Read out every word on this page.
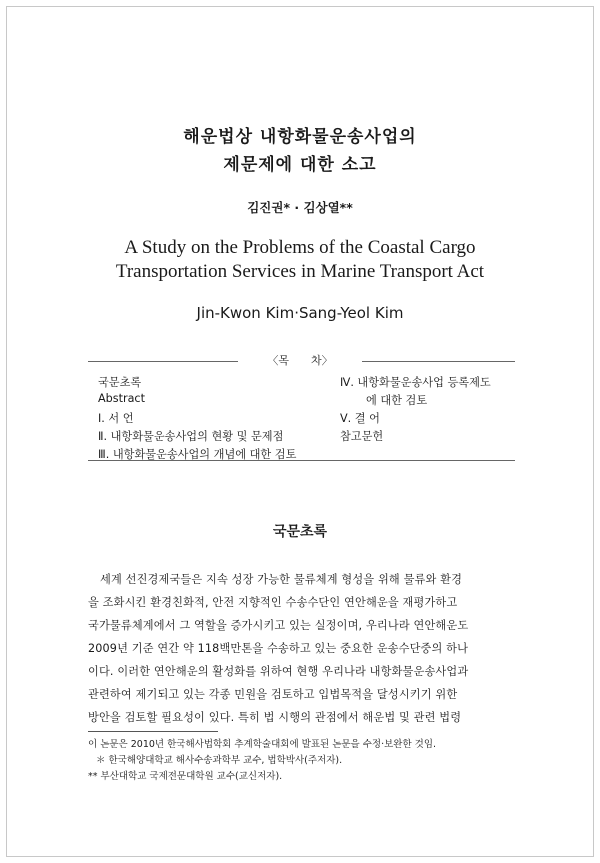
해운법상 내항화물운송사업의
제문제에 대한 소고
김진권* · 김상열**
A Study on the Problems of the Coastal Cargo
Transportation Services in Marine Transport Act
Jin-Kwon Kim·Sang-Yeol Kim
〈목　　차〉
국문초록
Abstract
Ⅰ. 서 언
Ⅱ. 내항화물운송사업의 현황 및 문제점
Ⅲ. 내항화물운송사업의 개념에 대한 검토
Ⅳ. 내항화물운송사업 등록제도
에 대한 검토
Ⅴ. 결 어
참고문헌
국문초록
세계 선진경제국들은 지속 성장 가능한 물류체계 형성을 위해 물류와 환경
을 조화시킨 환경친화적, 안전 지향적인 수송수단인 연안해운을 재평가하고
국가물류체계에서 그 역할을 증가시키고 있는 실정이며, 우리나라 연안해운도
2009년 기준 연간 약 118백만톤을 수송하고 있는 중요한 운송수단중의 하나
이다. 이러한 연안해운의 활성화를 위하여 현행 우리나라 내항화물운송사업과
관련하여 제기되고 있는 각종 민원을 검토하고 입법목적을 달성시키기 위한
방안을 검토할 필요성이 있다. 특히 법 시행의 관점에서 해운법 및 관련 법령
이 논문은 2010년 한국해사법학회 추계학술대회에 발표된 논문을 수정·보완한 것임.
＊ 한국해양대학교 해사수송과학부 교수, 법학박사(주저자).
** 부산대학교 국제전문대학원 교수(교신저자).
